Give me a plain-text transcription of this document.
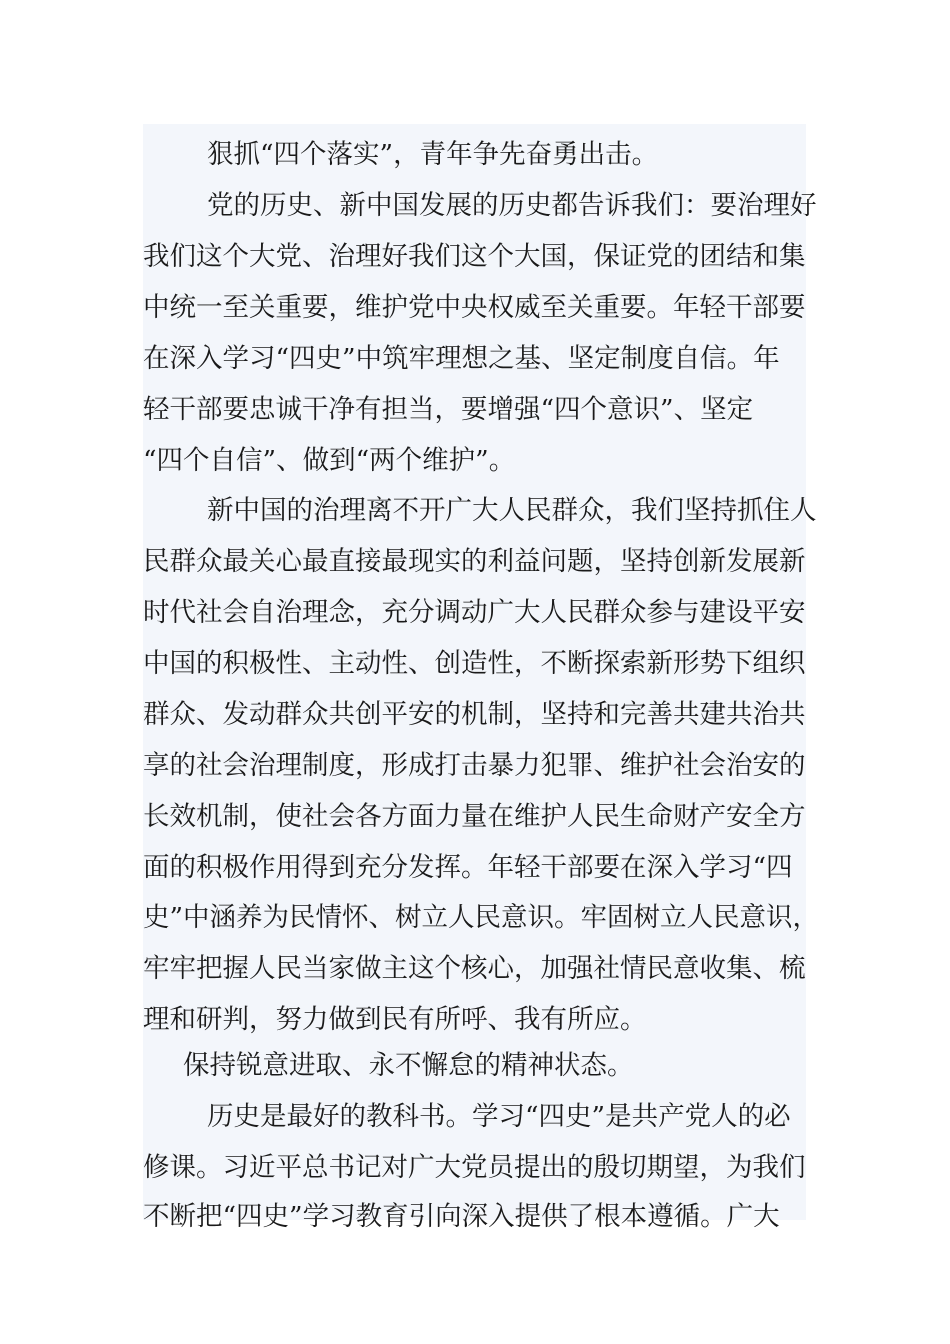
狠抓“四个落实”，青年争先奋勇出击。
党的历史、新中国发展的历史都告诉我们：要治理好
我们这个大党、治理好我们这个大国，保证党的团结和集
中统一至关重要，维护党中央权威至关重要。年轻干部要
在深入学习“四史”中筑牢理想之基、坚定制度自信。年
轻干部要忠诚干净有担当，要增强“四个意识”、坚定
“四个自信”、做到“两个维护”。
新中国的治理离不开广大人民群众，我们坚持抓住人
民群众最关心最直接最现实的利益问题，坚持创新发展新
时代社会自治理念，充分调动广大人民群众参与建设平安
中国的积极性、主动性、创造性，不断探索新形势下组织
群众、发动群众共创平安的机制，坚持和完善共建共治共
享的社会治理制度，形成打击暴力犯罪、维护社会治安的
长效机制，使社会各方面力量在维护人民生命财产安全方
面的积极作用得到充分发挥。年轻干部要在深入学习“四
史”中涵养为民情怀、树立人民意识。牢固树立人民意识，
牢牢把握人民当家做主这个核心，加强社情民意收集、梳
理和研判，努力做到民有所呼、我有所应。
保持锐意进取、永不懈怠的精神状态。
历史是最好的教科书。学习“四史”是共产党人的必
修课。习近平总书记对广大党员提出的殷切期望，为我们
不断把“四史”学习教育引向深入提供了根本遵循。广大
